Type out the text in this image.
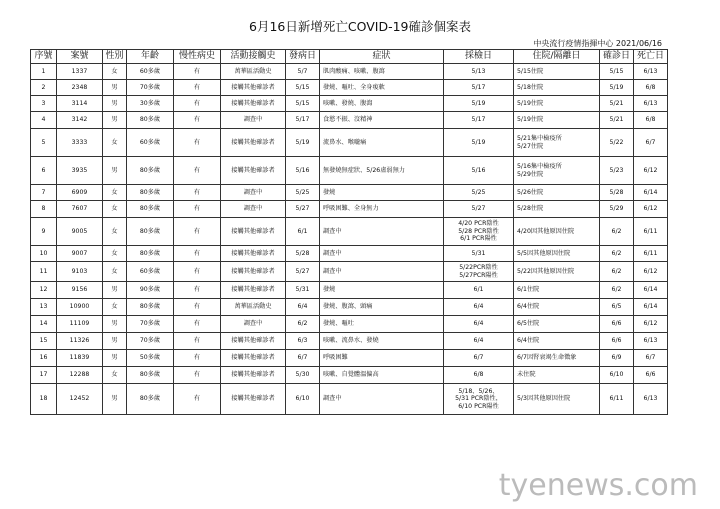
6月16日新增死亡COVID-19確診個案表
中央流行疫情指揮中心 2021/06/16
序號	案號	性別	年齡	慢性病史	活動接觸史	發病日	症狀	採檢日	住院/隔離日	確診日	死亡日
1	1337	女	60多歲	有	萬華區活動史	5/7	肌肉酸痛、咳嗽、腹瀉	5/13	5/15住院	5/15	6/13
2	2348	男	70多歲	有	接觸其他確診者	5/15	發燒、嘔吐、全身痠軟	5/17	5/18住院	5/19	6/8
3	3114	男	30多歲	有	接觸其他確診者	5/15	咳嗽、發燒、腹瀉	5/19	5/19住院	5/21	6/13
4	3142	男	80多歲	有	調查中	5/17	食慾不振、沒精神	5/17	5/19住院	5/21	6/8
5	3333	女	60多歲	有	接觸其他確診者	5/19	流鼻水、喉嚨痛	5/19	5/21集中檢疫所
5/27住院	5/22	6/7
6	3935	男	80多歲	有	接觸其他確診者	5/16	無發燒無症狀、5/26虛弱無力	5/16	5/16集中檢疫所
5/29住院	5/23	6/12
7	6909	女	80多歲	有	調查中	5/25	發燒	5/25	5/26住院	5/28	6/14
8	7607	女	80多歲	有	調查中	5/27	呼吸困難、全身無力	5/27	5/28住院	5/29	6/12
9	9005	女	80多歲	有	接觸其他確診者	6/1	調查中	4/20 PCR陰性
5/28 PCR陰性
6/1 PCR陽性	4/20因其他原因住院	6/2	6/11
10	9007	女	80多歲	有	接觸其他確診者	5/28	調查中	5/31	5/5因其他原因住院	6/2	6/11
11	9103	女	60多歲	有	接觸其他確診者	5/27	調查中	5/22PCR陰性
5/27PCR陽性	5/22因其他原因住院	6/2	6/12
12	9156	男	90多歲	有	接觸其他確診者	5/31	發燒	6/1	6/1住院	6/2	6/14
13	10900	女	80多歲	有	萬華區活動史	6/4	發燒、腹瀉、頭痛	6/4	6/4住院	6/5	6/14
14	11109	男	70多歲	有	調查中	6/2	發燒、嘔吐	6/4	6/5住院	6/6	6/12
15	11326	男	70多歲	有	接觸其他確診者	6/3	咳嗽、流鼻水、發燒	6/4	6/4住院	6/6	6/13
16	11839	男	50多歲	有	接觸其他確診者	6/7	呼吸困難	6/7	6/7因腎衰竭生命徵象	6/9	6/7
17	12288	女	80多歲	有	接觸其他確診者	5/30	咳嗽、自覺體溫偏高	6/8	未住院	6/10	6/6
18	12452	男	80多歲	有	接觸其他確診者	6/10	調查中	5/18、5/26、
5/31 PCR陰性，
6/10 PCR陽性	5/3因其他原因住院	6/11	6/13
tyenews.com
